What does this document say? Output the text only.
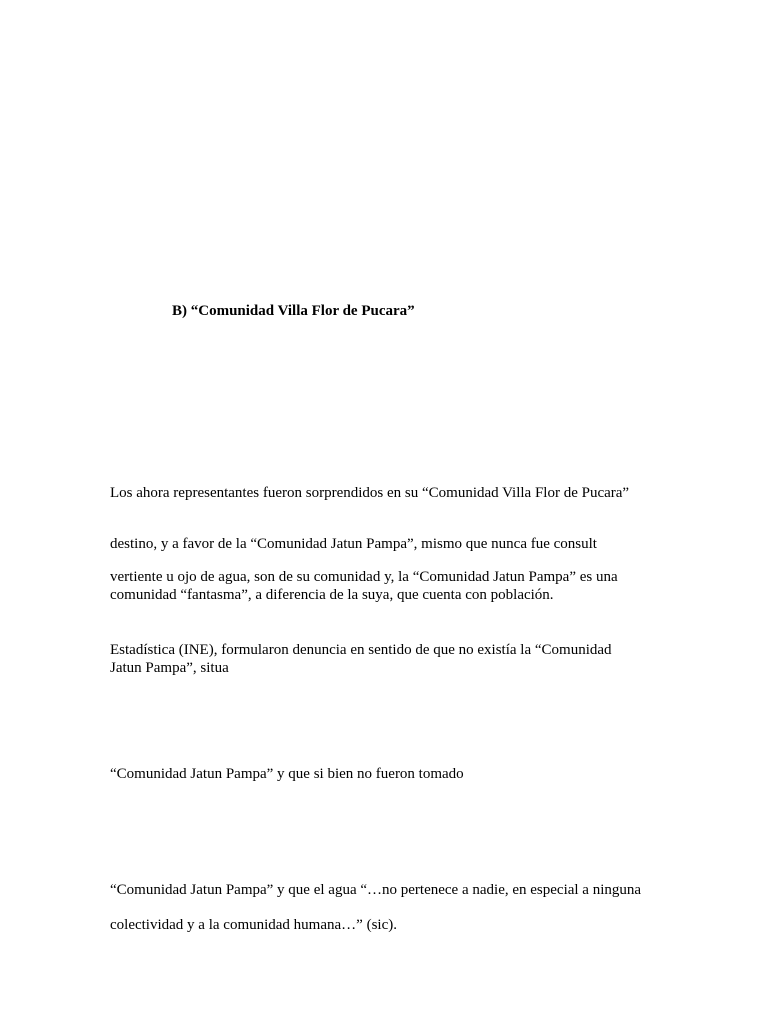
B) “Comunidad Villa Flor de Pucara”
Los ahora representantes fueron sorprendidos en su “Comunidad Villa Flor de Pucara”
destino, y a favor de la “Comunidad Jatun Pampa”, mismo que nunca fue consult
vertiente u ojo de agua, son de su comunidad y, la “Comunidad Jatun Pampa” es una
comunidad “fantasma”, a diferencia de la suya, que cuenta con población.
Estadística (INE), formularon denuncia en sentido de que no existía la “Comunidad
Jatun Pampa”, situa
“Comunidad Jatun Pampa” y que si bien no fueron tomado
“Comunidad Jatun Pampa” y que el agua “…no pertenece a nadie, en especial a ninguna
colectividad y a la comunidad humana…” (sic).
